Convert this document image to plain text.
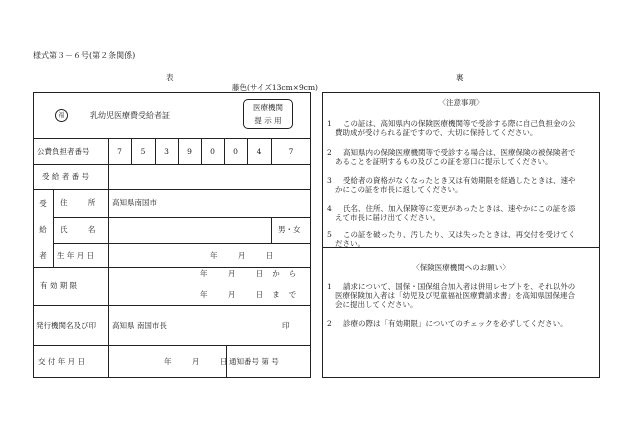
様式第３－６号(第２条関係)
表	裏
藤色(サイズ13cm×9cm)
福	乳幼児医療費受給者証
医療機関
提 示 用
公費負担者番号	7	5	3	9	0	0	4	7
受 給 者 番 号
受
給
者
住 所 高知県南国市
氏 名	男・女
生 年 月 日	年 月 日
有 効 期 限
年 月 日から
年 月 日まで
発行機関名及び印 高知県 南国市長	印
交 付 年 月 日	年 月 日
通知番号 第 号
〈注意事項〉
1 この証は、高知県内の保険医療機関等で受診する際に自己負担金の公
費助成が受けられる証ですので、大切に保持してください。
2 高知県内の保険医療機関等で受診する場合は、医療保険の被保険者で
あることを証明するもの及びこの証を窓口に提示してください。
3 受給者の資格がなくなったとき又は有効期限を経過したときは、速や
かにこの証を市長に返してください。
4 氏名、住所、加入保険等に変更があったときは、速やかにこの証を添
えて市長に届け出てください。
5 この証を破ったり、汚したり、又は失ったときは、再交付を受けてく
ださい。
〈保険医療機関へのお願い〉
1 請求について、国保・国保組合加入者は併用レセプトを、それ以外の
医療保険加入者は「幼児及び児童福祉医療費請求書」を高知県国保連合
会に提出してください。
2 診療の際は「有効期限」についてのチェックを必ずしてください。
